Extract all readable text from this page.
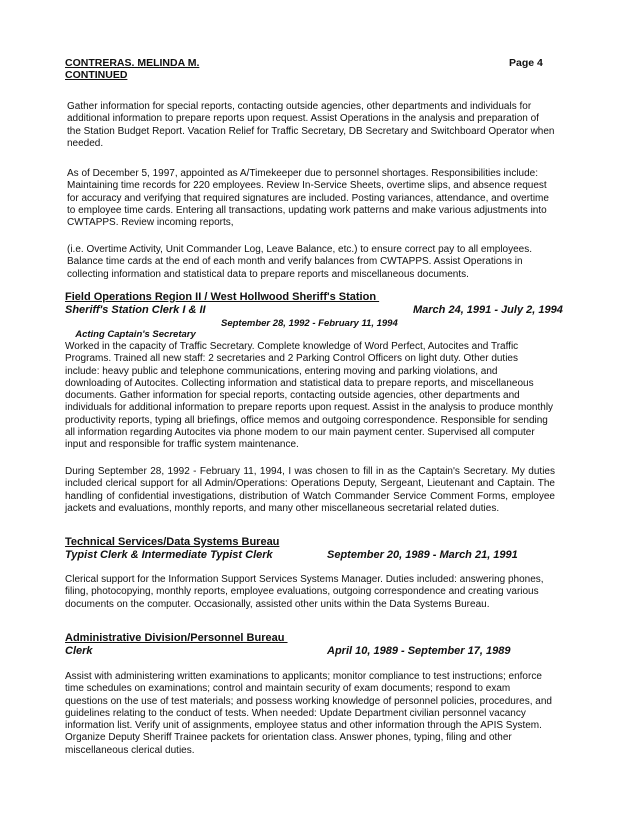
CONTRERAS. MELINDA M.	Page 4
CONTINUED

Gather information for special reports, contacting outside agencies, other departments and individuals for additional information to prepare reports upon request. Assist Operations in the analysis and preparation of the Station Budget Report. Vacation Relief for Traffic Secretary, DB Secretary and Switchboard Operator when needed.

As of December 5, 1997, appointed as A/Timekeeper due to personnel shortages. Responsibilities include: Maintaining time records for 220 employees. Review In-Service Sheets, overtime slips, and absence request for accuracy and verifying that required signatures are included. Posting variances, attendance, and overtime to employee time cards. Entering all transactions, updating work patterns and make various adjustments into CWTAPPS. Review incoming reports,

(i.e. Overtime Activity, Unit Commander Log, Leave Balance, etc.) to ensure correct pay to all employees. Balance time cards at the end of each month and verify balances from CWTAPPS. Assist Operations in collecting information and statistical data to prepare reports and miscellaneous documents.

Field Operations Region II / West Hollwood Sheriff's Station
Sheriff's Station Clerk I & II	March 24, 1991 - July 2, 1994

Acting Captain's Secretary

September 28, 1992 - February 11, 1994

Worked in the capacity of Traffic Secretary. Complete knowledge of Word Perfect, Autocites and Traffic Programs. Trained all new staff: 2 secretaries and 2 Parking Control Officers on light duty. Other duties include: heavy public and telephone communications, entering moving and parking violations, and downloading of Autocites. Collecting information and statistical data to prepare reports, and miscellaneous documents. Gather information for special reports, contacting outside agencies, other departments and individuals for additional information to prepare reports upon request. Assist in the analysis to produce monthly productivity reports, typing all briefings, office memos and outgoing correspondence. Responsible for sending all information regarding Autocites via phone modem to our main payment center. Supervised all computer input and responsible for traffic system maintenance.

During September 28, 1992 - February 11, 1994, I was chosen to fill in as the Captain's Secretary. My duties included clerical support for all Admin/Operations: Operations Deputy, Sergeant, Lieutenant and Captain. The handling of confidential investigations, distribution of Watch Commander Service Comment Forms, employee jackets and evaluations, monthly reports, and many other miscellaneous secretarial related duties.

Technical Services/Data Systems Bureau
Typist Clerk & Intermediate Typist Clerk	September 20, 1989 - March 21, 1991

Clerical support for the Information Support Services Systems Manager. Duties included: answering phones, filing, photocopying, monthly reports, employee evaluations, outgoing correspondence and creating various documents on the computer. Occasionally, assisted other units within the Data Systems Bureau.

Administrative Division/Personnel Bureau
Clerk	April 10, 1989 - September 17, 1989

Assist with administering written examinations to applicants; monitor compliance to test instructions; enforce time schedules on examinations; control and maintain security of exam documents; respond to exam questions on the use of test materials; and possess working knowledge of personnel policies, procedures, and guidelines relating to the conduct of tests. When needed: Update Department civilian personnel vacancy information list. Verify unit of assignments, employee status and other information through the APIS System. Organize Deputy Sheriff Trainee packets for orientation class. Answer phones, typing, filing and other miscellaneous clerical duties.
